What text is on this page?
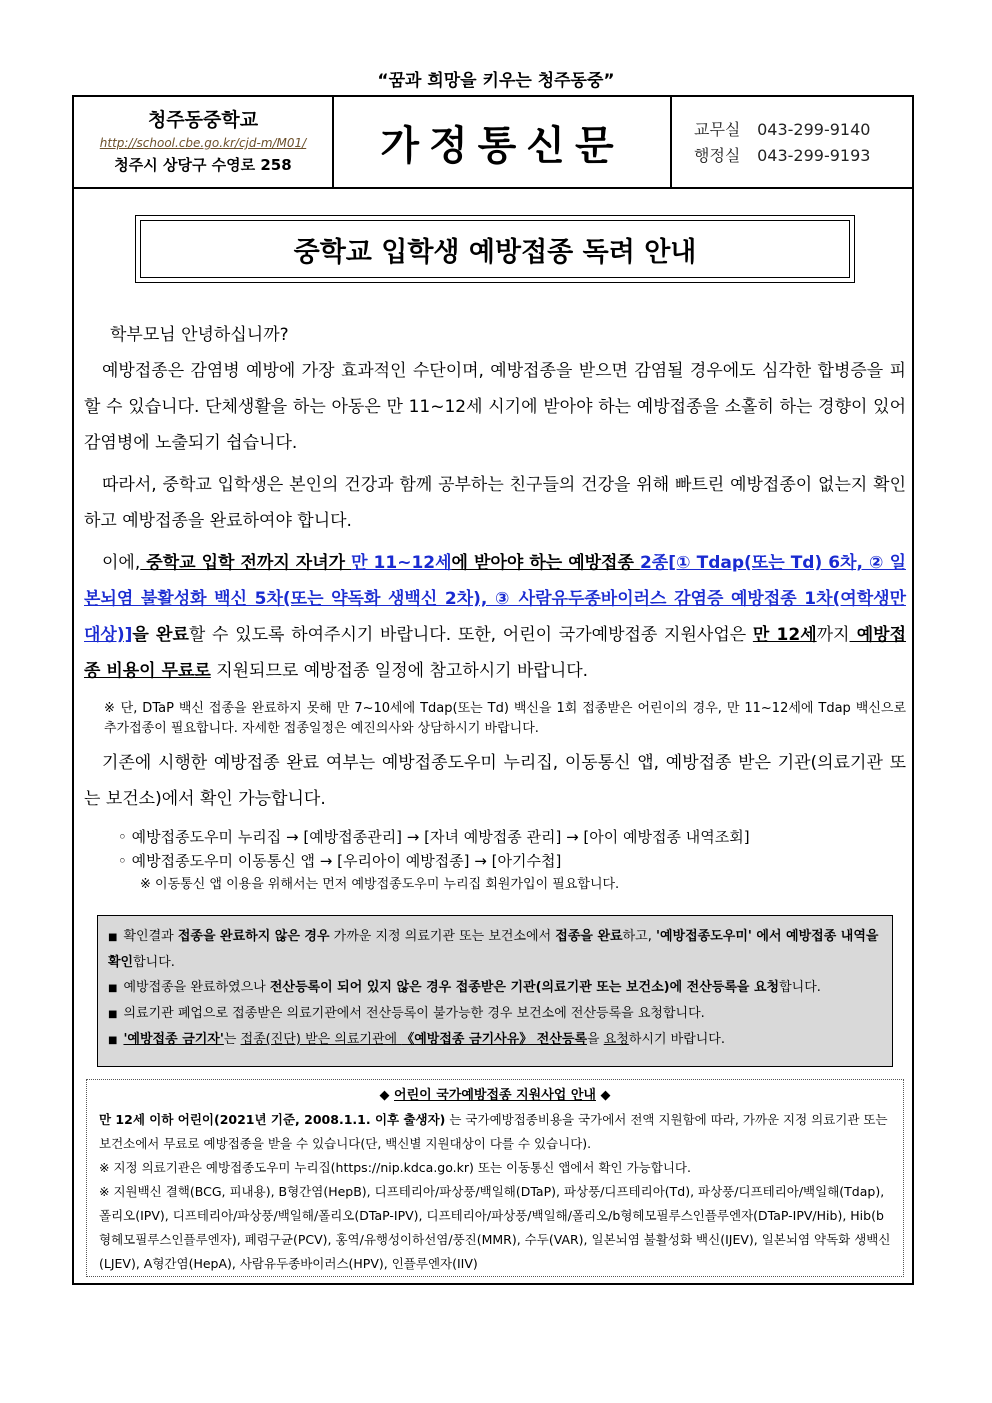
“꿈과 희망을 키우는 청주동중”
청주동중학교
http://school.cbe.go.kr/cjd-m/M01/
청주시 상당구 수영로 258	가정통신문	교무실 043-299-9140
행정실 043-299-9193
중학교 입학생 예방접종 독려 안내

학부모님 안녕하십니까?

예방접종은 감염병 예방에 가장 효과적인 수단이며, 예방접종을 받으면 감염될 경우에도 심각한 합병증을 피할 수 있습니다. 단체생활을 하는 아동은 만 11~12세 시기에 받아야 하는 예방접종을 소홀히 하는 경향이 있어 감염병에 노출되기 쉽습니다.

따라서, 중학교 입학생은 본인의 건강과 함께 공부하는 친구들의 건강을 위해 빠트린 예방접종이 없는지 확인하고 예방접종을 완료하여야 합니다.

이에, 중학교 입학 전까지 자녀가 만 11~12세에 받아야 하는 예방접종 2종[① Tdap(또는 Td) 6차, ② 일본뇌염 불활성화 백신 5차(또는 약독화 생백신 2차), ③ 사람유두종바이러스 감염증 예방접종 1차(여학생만 대상)]을 완료할 수 있도록 하여주시기 바랍니다. 또한, 어린이 국가예방접종 지원사업은 만 12세까지 예방접종 비용이 무료로 지원되므로 예방접종 일정에 참고하시기 바랍니다.

※ 단, DTaP 백신 접종을 완료하지 못해 만 7~10세에 Tdap(또는 Td) 백신을 1회 접종받은 어린이의 경우, 만 11~12세에 Tdap 백신으로 추가접종이 필요합니다. 자세한 접종일정은 예진의사와 상담하시기 바랍니다.

기존에 시행한 예방접종 완료 여부는 예방접종도우미 누리집, 이동통신 앱, 예방접종 받은 기관(의료기관 또는 보건소)에서 확인 가능합니다.

◦ 예방접종도우미 누리집 → [예방접종관리] → [자녀 예방접종 관리] → [아이 예방접종 내역조회]
◦ 예방접종도우미 이동통신 앱 → [우리아이 예방접종] → [아기수첩]
※ 이동통신 앱 이용을 위해서는 먼저 예방접종도우미 누리집 회원가입이 필요합니다.
■ 확인결과 접종을 완료하지 않은 경우 가까운 지정 의료기관 또는 보건소에서 접종을 완료하고, '예방접종도우미' 에서 예방접종 내역을 확인합니다.
■ 예방접종을 완료하였으나 전산등록이 되어 있지 않은 경우 접종받은 기관(의료기관 또는 보건소)에 전산등록을 요청합니다.
■ 의료기관 폐업으로 접종받은 의료기관에서 전산등록이 불가능한 경우 보건소에 전산등록을 요청합니다.
■ '예방접종 금기자'는 접종(진단) 받은 의료기관에 《예방접종 금기사유》 전산등록을 요청하시기 바랍니다.
◆ 어린이 국가예방접종 지원사업 안내 ◆
만 12세 이하 어린이(2021년 기준, 2008.1.1. 이후 출생자) 는 국가예방접종비용을 국가에서 전액 지원함에 따라, 가까운 지정 의료기관 또는 보건소에서 무료로 예방접종을 받을 수 있습니다(단, 백신별 지원대상이 다를 수 있습니다).
※ 지정 의료기관은 예방접종도우미 누리집(https://nip.kdca.go.kr) 또는 이동통신 앱에서 확인 가능합니다.
※ 지원백신 결핵(BCG, 피내용), B형간염(HepB), 디프테리아/파상풍/백일해(DTaP), 파상풍/디프테리아(Td), 파상풍/디프테리아/백일해(Tdap), 폴리오(IPV), 디프테리아/파상풍/백일해/폴리오(DTaP-IPV), 디프테리아/파상풍/백일해/폴리오/b형헤모필루스인플루엔자(DTaP-IPV/Hib), Hib(b형헤모필루스인플루엔자), 폐렴구균(PCV), 홍역/유행성이하선염/풍진(MMR), 수두(VAR), 일본뇌염 불활성화 백신(IJEV), 일본뇌염 약독화 생백신(LJEV), A형간염(HepA), 사람유두종바이러스(HPV), 인플루엔자(IIV)
